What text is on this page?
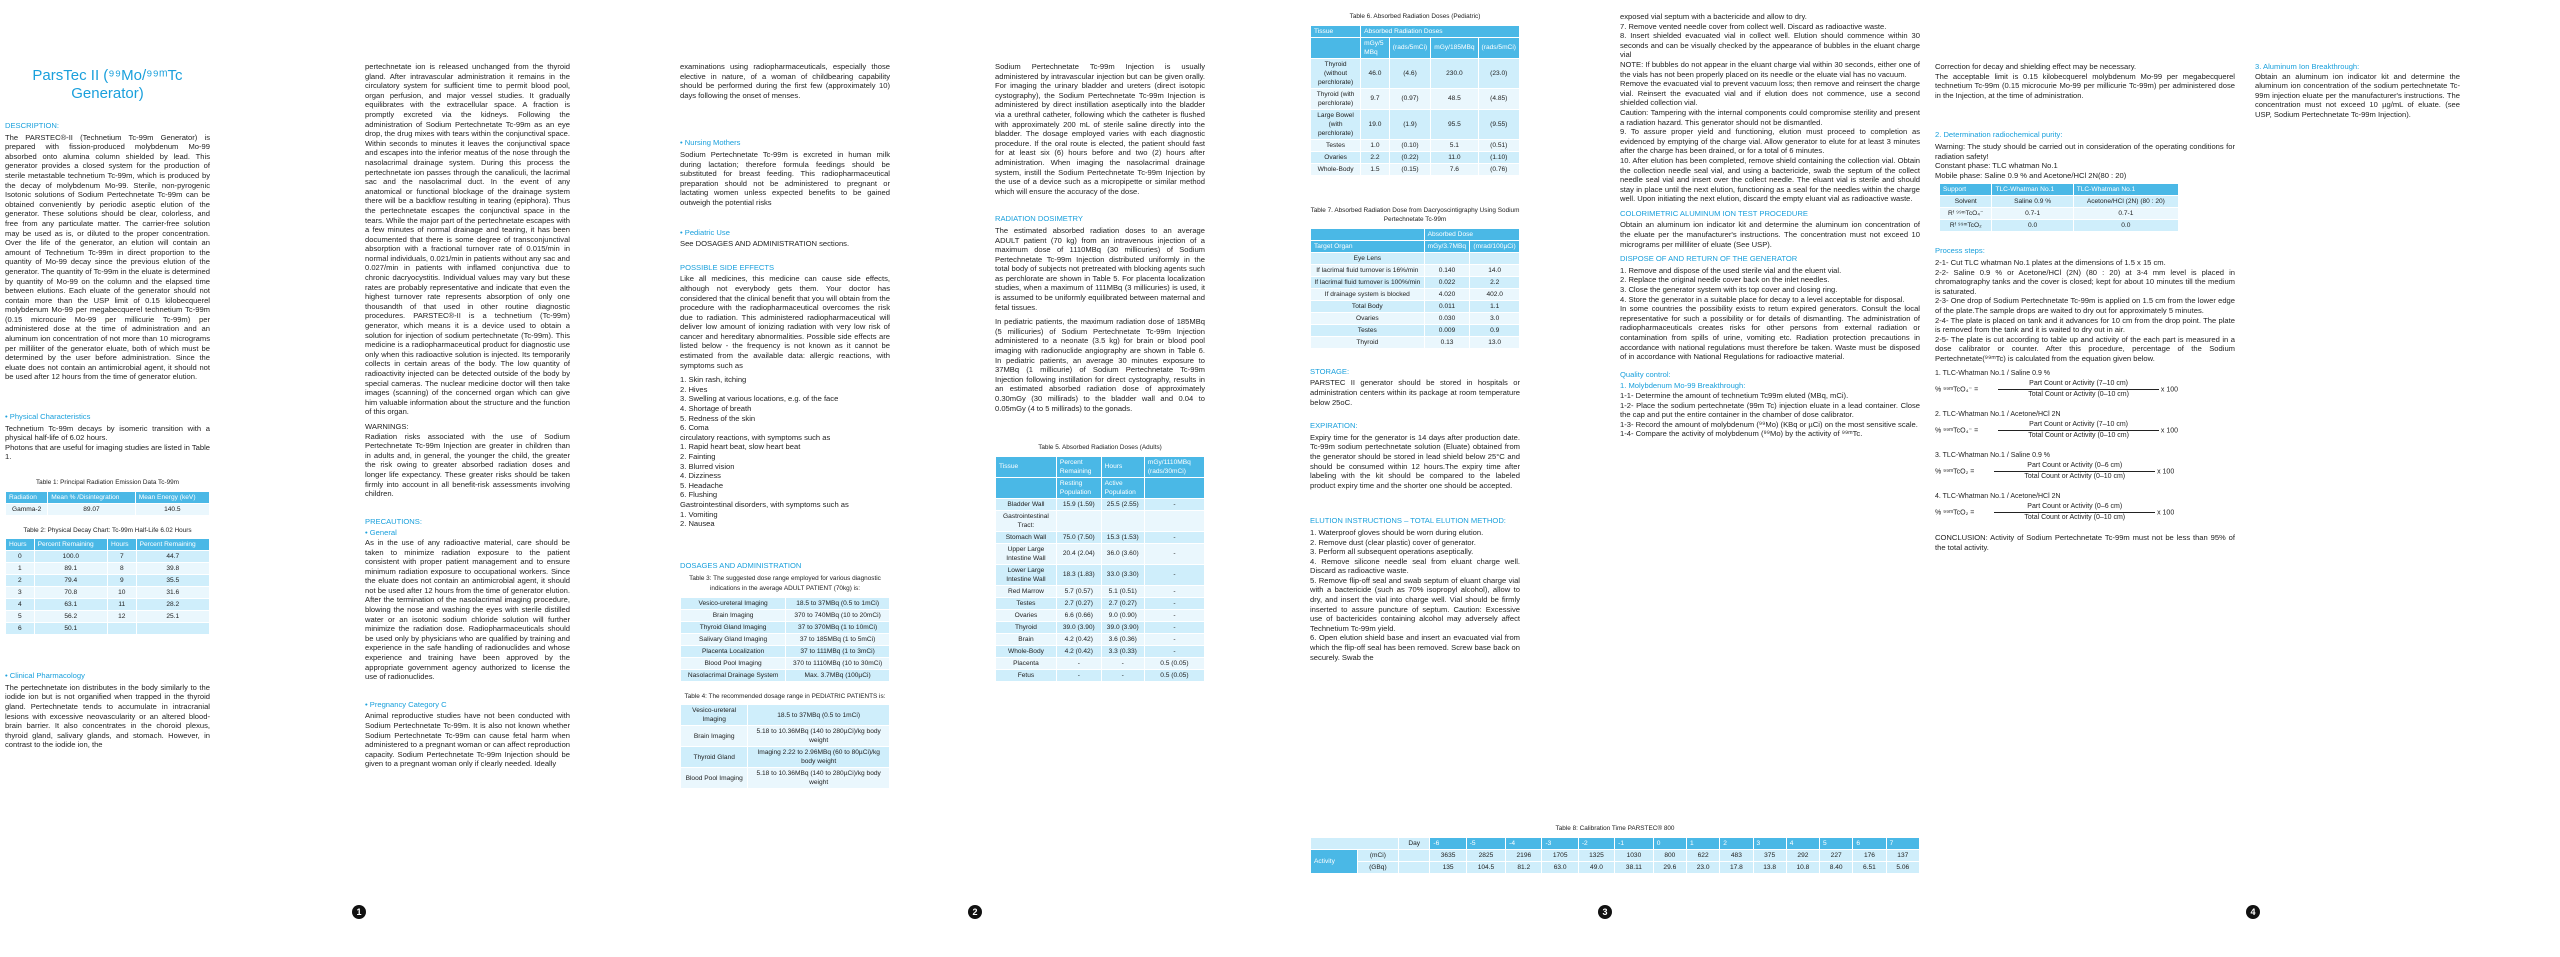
ParsTec II (⁹⁹Mo/⁹⁹ᵐTc Generator)
DESCRIPTION:

The PARSTEC®-II (Technetium Tc-99m Generator) is prepared with fission-produced molybdenum Mo-99 absorbed onto alumina column shielded by lead. This generator provides a closed system for the production of sterile metastable technetium Tc-99m, which is produced by the decay of molybdenum Mo-99. Sterile, non-pyrogenic Isotonic solutions of Sodium Pertechnetate Tc-99m can be obtained conveniently by periodic aseptic elution of the generator. These solutions should be clear, colorless, and free from any particulate matter. The carrier-free solution may be used as is, or diluted to the proper concentration. Over the life of the generator, an elution will contain an amount of Technetium Tc-99m in direct proportion to the quantity of Mo-99 decay since the previous elution of the generator. The quantity of Tc-99m in the eluate is determined by quantity of Mo-99 on the column and the elapsed time between elutions. Each eluate of the generator should not contain more than the USP limit of 0.15 kilobecquerel molybdenum Mo-99 per megabecquerel technetium Tc-99m (0.15 microcurie Mo-99 per millicurie Tc-99m) per administered dose at the time of administration and an aluminum ion concentration of not more than 10 micrograms per milliliter of the generator eluate, both of which must be determined by the user before administration. Since the eluate does not contain an antimicrobial agent, it should not be used after 12 hours from the time of generator elution.

• Physical Characteristics
Technetium Tc-99m decays by isomeric transition with a physical half-life of 6.02 hours.
Photons that are useful for imaging studies are listed in Table 1.
Table 1: Principal Radiation Emission Data Tc-99m
Radiation	Mean % /Disintegration	Mean Energy (keV)
Gamma-2	89.07	140.5
Table 2: Physical Decay Chart: Tc-99m Half-Life 6.02 Hours
Hours	Percent Remaining	Hours	Percent Remaining
0	100.0	7	44.7
1	89.1	8	39.8
2	79.4	9	35.5
3	70.8	10	31.6
4	63.1	11	28.2
5	56.2	12	25.1
6	50.1		
• Clinical Pharmacology

The pertechnetate ion distributes in the body similarly to the iodide ion but is not organified when trapped in the thyroid gland. Pertechnetate tends to accumulate in intracranial lesions with excessive neovascularity or an altered blood-brain barrier. It also concentrates in the choroid plexus, thyroid gland, salivary glands, and stomach. However, in contrast to the iodide ion, the

pertechnetate ion is released unchanged from the thyroid gland. After intravascular administration it remains in the circulatory system for sufficient time to permit blood pool, organ perfusion, and major vessel studies. It gradually equilibrates with the extracellular space. A fraction is promptly excreted via the kidneys. Following the administration of Sodium Pertechnetate Tc-99m as an eye drop, the drug mixes with tears within the conjunctival space. Within seconds to minutes it leaves the conjunctival space and escapes into the inferior meatus of the nose through the nasolacrimal drainage system. During this process the pertechnetate ion passes through the canaliculi, the lacrimal sac and the nasolacrimal duct. In the event of any anatomical or functional blockage of the drainage system there will be a backflow resulting in tearing (epiphora). Thus the pertechnetate escapes the conjunctival space in the tears. While the major part of the pertechnetate escapes with a few minutes of normal drainage and tearing, it has been documented that there is some degree of transconjunctival absorption with a fractional turnover rate of 0.015/min in normal individuals, 0.021/min in patients without any sac and 0.027/min in patients with inflamed conjunctiva due to chronic dacryocystitis. Individual values may vary but these rates are probably representative and indicate that even the highest turnover rate represents absorption of only one thousandth of that used in other routine diagnostic procedures. PARSTEC®-II is a technetium (Tc-99m) generator, which means it is a device used to obtain a solution for injection of sodium pertechnetate (Tc-99m). This medicine is a radiopharmaceutical product for diagnostic use only when this radioactive solution is injected. Its temporarily collects in certain areas of the body. The low quantity of radioactivity injected can be detected outside of the body by special cameras. The nuclear medicine doctor will then take images (scanning) of the concerned organ which can give him valuable information about the structure and the function of this organ.

WARNINGS:

Radiation risks associated with the use of Sodium Pertechnetate Tc-99m Injection are greater in children than in adults and, in general, the younger the child, the greater the risk owing to greater absorbed radiation doses and longer life expectancy. These greater risks should be taken firmly into account in all benefit-risk assessments involving children.

PRECAUTIONS:
• General

As in the use of any radioactive material, care should be taken to minimize radiation exposure to the patient consistent with proper patient management and to ensure minimum radiation exposure to occupational workers. Since the eluate does not contain an antimicrobial agent, it should not be used after 12 hours from the time of generator elution. After the termination of the nasolacrimal imaging procedure, blowing the nose and washing the eyes with sterile distilled water or an isotonic sodium chloride solution will further minimize the radiation dose. Radiopharmaceuticals should be used only by physicians who are qualified by training and experience in the safe handling of radionuclides and whose experience and training have been approved by the appropriate government agency authorized to license the use of radionuclides.

• Pregnancy Category C

Animal reproductive studies have not been conducted with Sodium Pertechnetate Tc-99m. It is also not known whether Sodium Pertechnetate Tc-99m can cause fetal harm when administered to a pregnant woman or can affect reproduction capacity. Sodium Pertechnetate Tc-99m Injection should be given to a pregnant woman only if clearly needed. Ideally

examinations using radiopharmaceuticals, especially those elective in nature, of a woman of childbearing capability should be performed during the first few (approximately 10) days following the onset of menses.

• Nursing Mothers

Sodium Pertechnetate Tc-99m is excreted in human milk during lactation; therefore formula feedings should be substituted for breast feeding. This radiopharmaceutical preparation should not be administered to pregnant or lactating women unless expected benefits to be gained outweigh the potential risks

• Pediatric Use

See DOSAGES AND ADMINISTRATION sections.

POSSIBLE SIDE EFFECTS

Like all medicines, this medicine can cause side effects, although not everybody gets them. Your doctor has considered that the clinical benefit that you will obtain from the procedure with the radiopharmaceutical overcomes the risk due to radiation. This administered radiopharmaceutical will deliver low amount of ionizing radiation with very low risk of cancer and hereditary abnormalities. Possible side effects are listed below - the frequency is not known as it cannot be estimated from the available data: allergic reactions, with symptoms such as

1. Skin rash, itching
2. Hives
3. Swelling at various locations, e.g. of the face
4. Shortage of breath
5. Redness of the skin
6. Coma
circulatory reactions, with symptoms such as
1. Rapid heart beat, slow heart beat
2. Fainting
3. Blurred vision
4. Dizziness
5. Headache
6. Flushing
Gastrointestinal disorders, with symptoms such as
1. Vomiting
2. Nausea
DOSAGES AND ADMINISTRATION
Table 3: The suggested dose range employed for various diagnostic indications in the average ADULT PATIENT (70kg) is:
Vesico-ureteral Imaging	18.5 to 37MBq (0.5 to 1mCi)
Brain Imaging	370 to 740MBq (10 to 20mCi)
Thyroid Gland Imaging	37 to 370MBq (1 to 10mCi)
Salivary Gland Imaging	37 to 185MBq (1 to 5mCi)
Placenta Localization	37 to 111MBq (1 to 3mCi)
Blood Pool Imaging	370 to 1110MBq (10 to 30mCi)
Nasolacrimal Drainage System	Max. 3.7MBq (100µCi)
Table 4: The recommended dosage range in PEDIATRIC PATIENTS is:
Vesico-ureteral Imaging	18.5 to 37MBq (0.5 to 1mCi)
Brain Imaging	5.18 to 10.36MBq (140 to 280µCi)/kg body weight
Thyroid Gland	Imaging 2.22 to 2.96MBq (60 to 80µCi)/kg body weight
Blood Pool Imaging	5.18 to 10.36MBq (140 to 280µCi)/kg body weight

Sodium Pertechnetate Tc-99m Injection is usually administered by intravascular injection but can be given orally. For imaging the urinary bladder and ureters (direct isotopic cystography), the Sodium Pertechnetate Tc-99m Injection is administered by direct instillation aseptically into the bladder via a urethral catheter, following which the catheter is flushed with approximately 200 mL of sterile saline directly into the bladder. The dosage employed varies with each diagnostic procedure. If the oral route is elected, the patient should fast for at least six (6) hours before and two (2) hours after administration. When imaging the nasolacrimal drainage system, instill the Sodium Pertechnetate Tc-99m Injection by the use of a device such as a micropipette or similar method which will ensure the accuracy of the dose.

RADIATION DOSIMETRY

The estimated absorbed radiation doses to an average ADULT patient (70 kg) from an intravenous injection of a maximum dose of 1110MBq (30 millicuries) of Sodium Pertechnetate Tc-99m Injection distributed uniformly in the total body of subjects not pretreated with blocking agents such as perchlorate are shown in Table 5. For placenta localization studies, when a maximum of 111MBq (3 millicuries) is used, it is assumed to be uniformly equilibrated between maternal and fetal tissues.

In pediatric patients, the maximum radiation dose of 185MBq (5 millicuries) of Sodium Pertechnetate Tc-99m Injection administered to a neonate (3.5 kg) for brain or blood pool imaging with radionuclide angiography are shown in Table 6. In pediatric patients, an average 30 minutes exposure to 37MBq (1 millicurie) of Sodium Pertechnetate Tc-99m Injection following instillation for direct cystography, results in an estimated absorbed radiation dose of approximately 0.30mGy (30 millirads) to the bladder wall and 0.04 to 0.05mGy (4 to 5 millirads) to the gonads.

Table 5. Absorbed Radiation Doses (Adults)
Tissue	Percent Remaining	Hours	mGy/1110MBq (rads/30mCi)
	Resting Population	Active Population	
Bladder Wall	15.9 (1.59)	25.5 (2.55)	-
Gastrointestinal Tract:			
Stomach Wall	75.0 (7.50)	15.3 (1.53)	-
Upper Large Intestine Wall	20.4 (2.04)	36.0 (3.60)	-
Lower Large Intestine Wall	18.3 (1.83)	33.0 (3.30)	-
Red Marrow	5.7 (0.57)	5.1 (0.51)	-
Testes	2.7 (0.27)	2.7 (0.27)	-
Ovaries	6.6 (0.66)	9.0 (0.90)	-
Thyroid	39.0 (3.90)	39.0 (3.90)	-
Brain	4.2 (0.42)	3.6 (0.36)	-
Whole-Body	4.2 (0.42)	3.3 (0.33)	-
Placenta	-	-	0.5 (0.05)
Fetus	-	-	0.5 (0.05)
Table 6. Absorbed Radiation Doses (Pediatric)
Tissue	Absorbed Radiation Doses			
	mGy/5 MBq	(rads/5mCi)	mGy/185MBq	(rads/5mCi)
Thyroid (without perchlorate)	46.0	(4.6)	230.0	(23.0)
Thyroid (with perchlorate)	9.7	(0.97)	48.5	(4.85)
Large Bowel (with perchlorate)	19.0	(1.9)	95.5	(9.55)
Testes	1.0	(0.10)	5.1	(0.51)
Ovaries	2.2	(0.22)	11.0	(1.10)
Whole-Body	1.5	(0.15)	7.6	(0.76)
Table 7. Absorbed Radiation Dose from Dacryoscintigraphy Using Sodium Pertechnetate Tc-99m
	Absorbed Dose	
Target Organ	mGy/3.7MBq	(mrad/100µCi)
Eye Lens		
If lacrimal fluid turnover is 16%/min	0.140	14.0
If lacrimal fluid turnover is 100%/min	0.022	2.2
If drainage system is blocked	4.020	402.0
Total Body	0.011	1.1
Ovaries	0.030	3.0
Testes	0.009	0.9
Thyroid	0.13	13.0
STORAGE:

PARSTEC II generator should be stored in hospitals or administration centers within its package at room temperature below 25oC.

EXPIRATION:

Expiry time for the generator is 14 days after production date. Tc-99m sodium pertechnetate solution (Eluate) obtained from the generator should be stored in lead shield below 25°C and should be consumed within 12 hours.The expiry time after labeling with the kit should be compared to the labeled product expiry time and the shorter one should be accepted.

ELUTION INSTRUCTIONS – TOTAL ELUTION METHOD:
1. Waterproof gloves should be worn during elution.
2. Remove dust (clear plastic) cover of generator.
3. Perform all subsequent operations aseptically.
4. Remove silicone needle seal from eluant charge well. Discard as radioactive waste.
5. Remove flip-off seal and swab septum of eluant charge vial with a bactericide (such as 70% isopropyl alcohol), allow to dry, and insert the vial into charge well. Vial should be firmly inserted to assure puncture of septum. Caution: Excessive use of bactericides containing alcohol may adversely affect Technetium Tc-99m yield.
6. Open elution shield base and insert an evacuated vial from which the flip-off seal has been removed. Screw base back on securely. Swab the
Table 8: Calibration Time PARSTEC® 800
		Day	-6	-5	-4	-3	-2	-1	0	1	2	3	4	5	6	7
Activity	(mCi)		3635	2825	2196	1705	1325	1030	800	622	483	375	292	227	176	137
	(GBq)		135	104.5	81.2	63.0	49.0	38.11	29.6	23.0	17.8	13.8	10.8	8.40	6.51	5.06
exposed vial septum with a bactericide and allow to dry.
7. Remove vented needle cover from collect well. Discard as radioactive waste.
8. Insert shielded evacuated vial in collect well. Elution should commence within 30 seconds and can be visually checked by the appearance of bubbles in the eluant charge vial
NOTE: If bubbles do not appear in the eluant charge vial within 30 seconds, either one of the vials has not been properly placed on its needle or the eluate vial has no vacuum.
Remove the evacuated vial to prevent vacuum loss; then remove and reinsert the charge vial. Reinsert the evacuated vial and if elution does not commence, use a second shielded collection vial.
Caution: Tampering with the internal components could compromise sterility and present a radiation hazard. This generator should not be dismantled.
9. To assure proper yield and functioning, elution must proceed to completion as evidenced by emptying of the charge vial. Allow generator to elute for at least 3 minutes after the charge has been drained, or for a total of 6 minutes.

10. After elution has been completed, remove shield containing the collection vial. Obtain the collection needle seal vial, and using a bactericide, swab the septum of the collect needle seal vial and insert over the collect needle. The eluant vial is sterile and should stay in place until the next elution, functioning as a seal for the needles within the charge well. Upon initiating the next elution, discard the empty eluant vial as radioactive waste.

COLORIMETRIC ALUMINUM ION TEST PROCEDURE

Obtain an aluminum ion indicator kit and determine the aluminum ion concentration of the eluate per the manufacturer's instructions. The concentration must not exceed 10 micrograms per milliliter of eluate (See USP).

DISPOSE OF AND RETURN OF THE GENERATOR
1. Remove and dispose of the used sterile vial and the eluent vial.
2. Replace the original needle cover back on the inlet needles.
3. Close the generator system with its top cover and closing ring.
4. Store the generator in a suitable place for decay to a level acceptable for disposal.

In some countries the possibility exists to return expired generators. Consult the local representative for such a possibility or for details of dismantling. The administration of radiopharmaceuticals creates risks for other persons from external radiation or contamination from spills of urine, vomiting etc. Radiation protection precautions in accordance with national regulations must therefore be taken. Waste must be disposed of in accordance with National Regulations for radioactive material.

Quality control:
1. Molybdenum Mo-99 Breakthrough:
1-1- Determine the amount of technetium Tc99m eluted (MBq, mCi).
1-2- Place the sodium pertechnetate (99m Tc) injection eluate in a lead container. Close the cap and put the entire container in the chamber of dose calibrator.
1-3- Record the amount of molybdenum (⁹⁹Mo) (KBq or µCi) on the most sensitive scale.
1-4- Compare the activity of molybdenum (⁹⁹Mo) by the activity of ⁹⁹ᵐTc.
Correction for decay and shielding effect may be necessary.

The acceptable limit is 0.15 kilobecquerel molybdenum Mo-99 per megabecquerel technetium Tc-99m (0.15 microcurie Mo-99 per millicurie Tc-99m) per administered dose in the Injection, at the time of administration.

2. Determination radiochemical purity:
Warning: The study should be carried out in consideration of the operating conditions for radiation safety!
Constant phase: TLC whatman No.1
Mobile phase: Saline 0.9 % and Acetone/HCl 2N(80 : 20)
Support	TLC-Whatman No.1	TLC-Whatman No.1
Solvent	Saline 0.9 %	Acetone/HCl (2N) (80 : 20)
Rᶠ ⁹⁹ᵐTcO₄⁻	0.7-1	0.7-1
Rᶠ ⁹⁹ᵐTcO₂	0.0	0.0
Process steps:
2-1- Cut TLC whatman No.1 plates at the dimensions of 1.5 x 15 cm.
2-2- Saline 0.9 % or Acetone/HCl (2N) (80 : 20) at 3-4 mm level is placed in chromatography tanks and the cover is closed; kept for about 10 minutes till the medium is saturated.
2-3- One drop of Sodium Pertechnetate Tc-99m is applied on 1.5 cm from the lower edge of the plate.The sample drops are waited to dry out for approximately 5 minutes.
2-4- The plate is placed on tank and it advances for 10 cm from the drop point. The plate is removed from the tank and it is waited to dry out in air.
2-5- The plate is cut according to table up and activity of the each part is measured in a dose calibrator or counter. After this procedure, percentage of the Sodium Pertechnetate(⁹⁹ᵐTc) is calculated from the equation given below.
1. TLC-Whatman No.1 / Saline 0.9 %
% ⁹⁹ᵐTcO₄⁻ =	$\frac{\text{Part Count or Activity (7–10 cm)}}{\text{Total Count or Activity (0–10 cm)}}$ x 100
2. TLC-Whatman No.1 / Acetone/HCl 2N
% ⁹⁹ᵐTcO₄⁻ =	$\frac{\text{Part Count or Activity (7–10 cm)}}{\text{Total Count or Activity (0–10 cm)}}$ x 100
3. TLC-Whatman No.1 / Saline 0.9 %
% ⁹⁹ᵐTcO₂ =	$\frac{\text{Part Count or Activity (0–6 cm)}}{\text{Total Count or Activity (0–10 cm)}}$ x 100
4. TLC-Whatman No.1 / Acetone/HCl 2N
% ⁹⁹ᵐTcO₂ =	$\frac{\text{Part Count or Activity (0–6 cm)}}{\text{Total Count or Activity (0–10 cm)}}$ x 100

CONCLUSION: Activity of Sodium Pertechnetate Tc-99m must not be less than 95% of the total activity.

3. Aluminum Ion Breakthrough:

Obtain an aluminum ion indicator kit and determine the aluminum ion concentration of the sodium pertechnetate Tc-99m injection eluate per the manufacturer's instructions. The concentration must not exceed 10 µg/mL of eluate. (see USP, Sodium Pertechnetate Tc-99m Injection).

1	2	3	4
